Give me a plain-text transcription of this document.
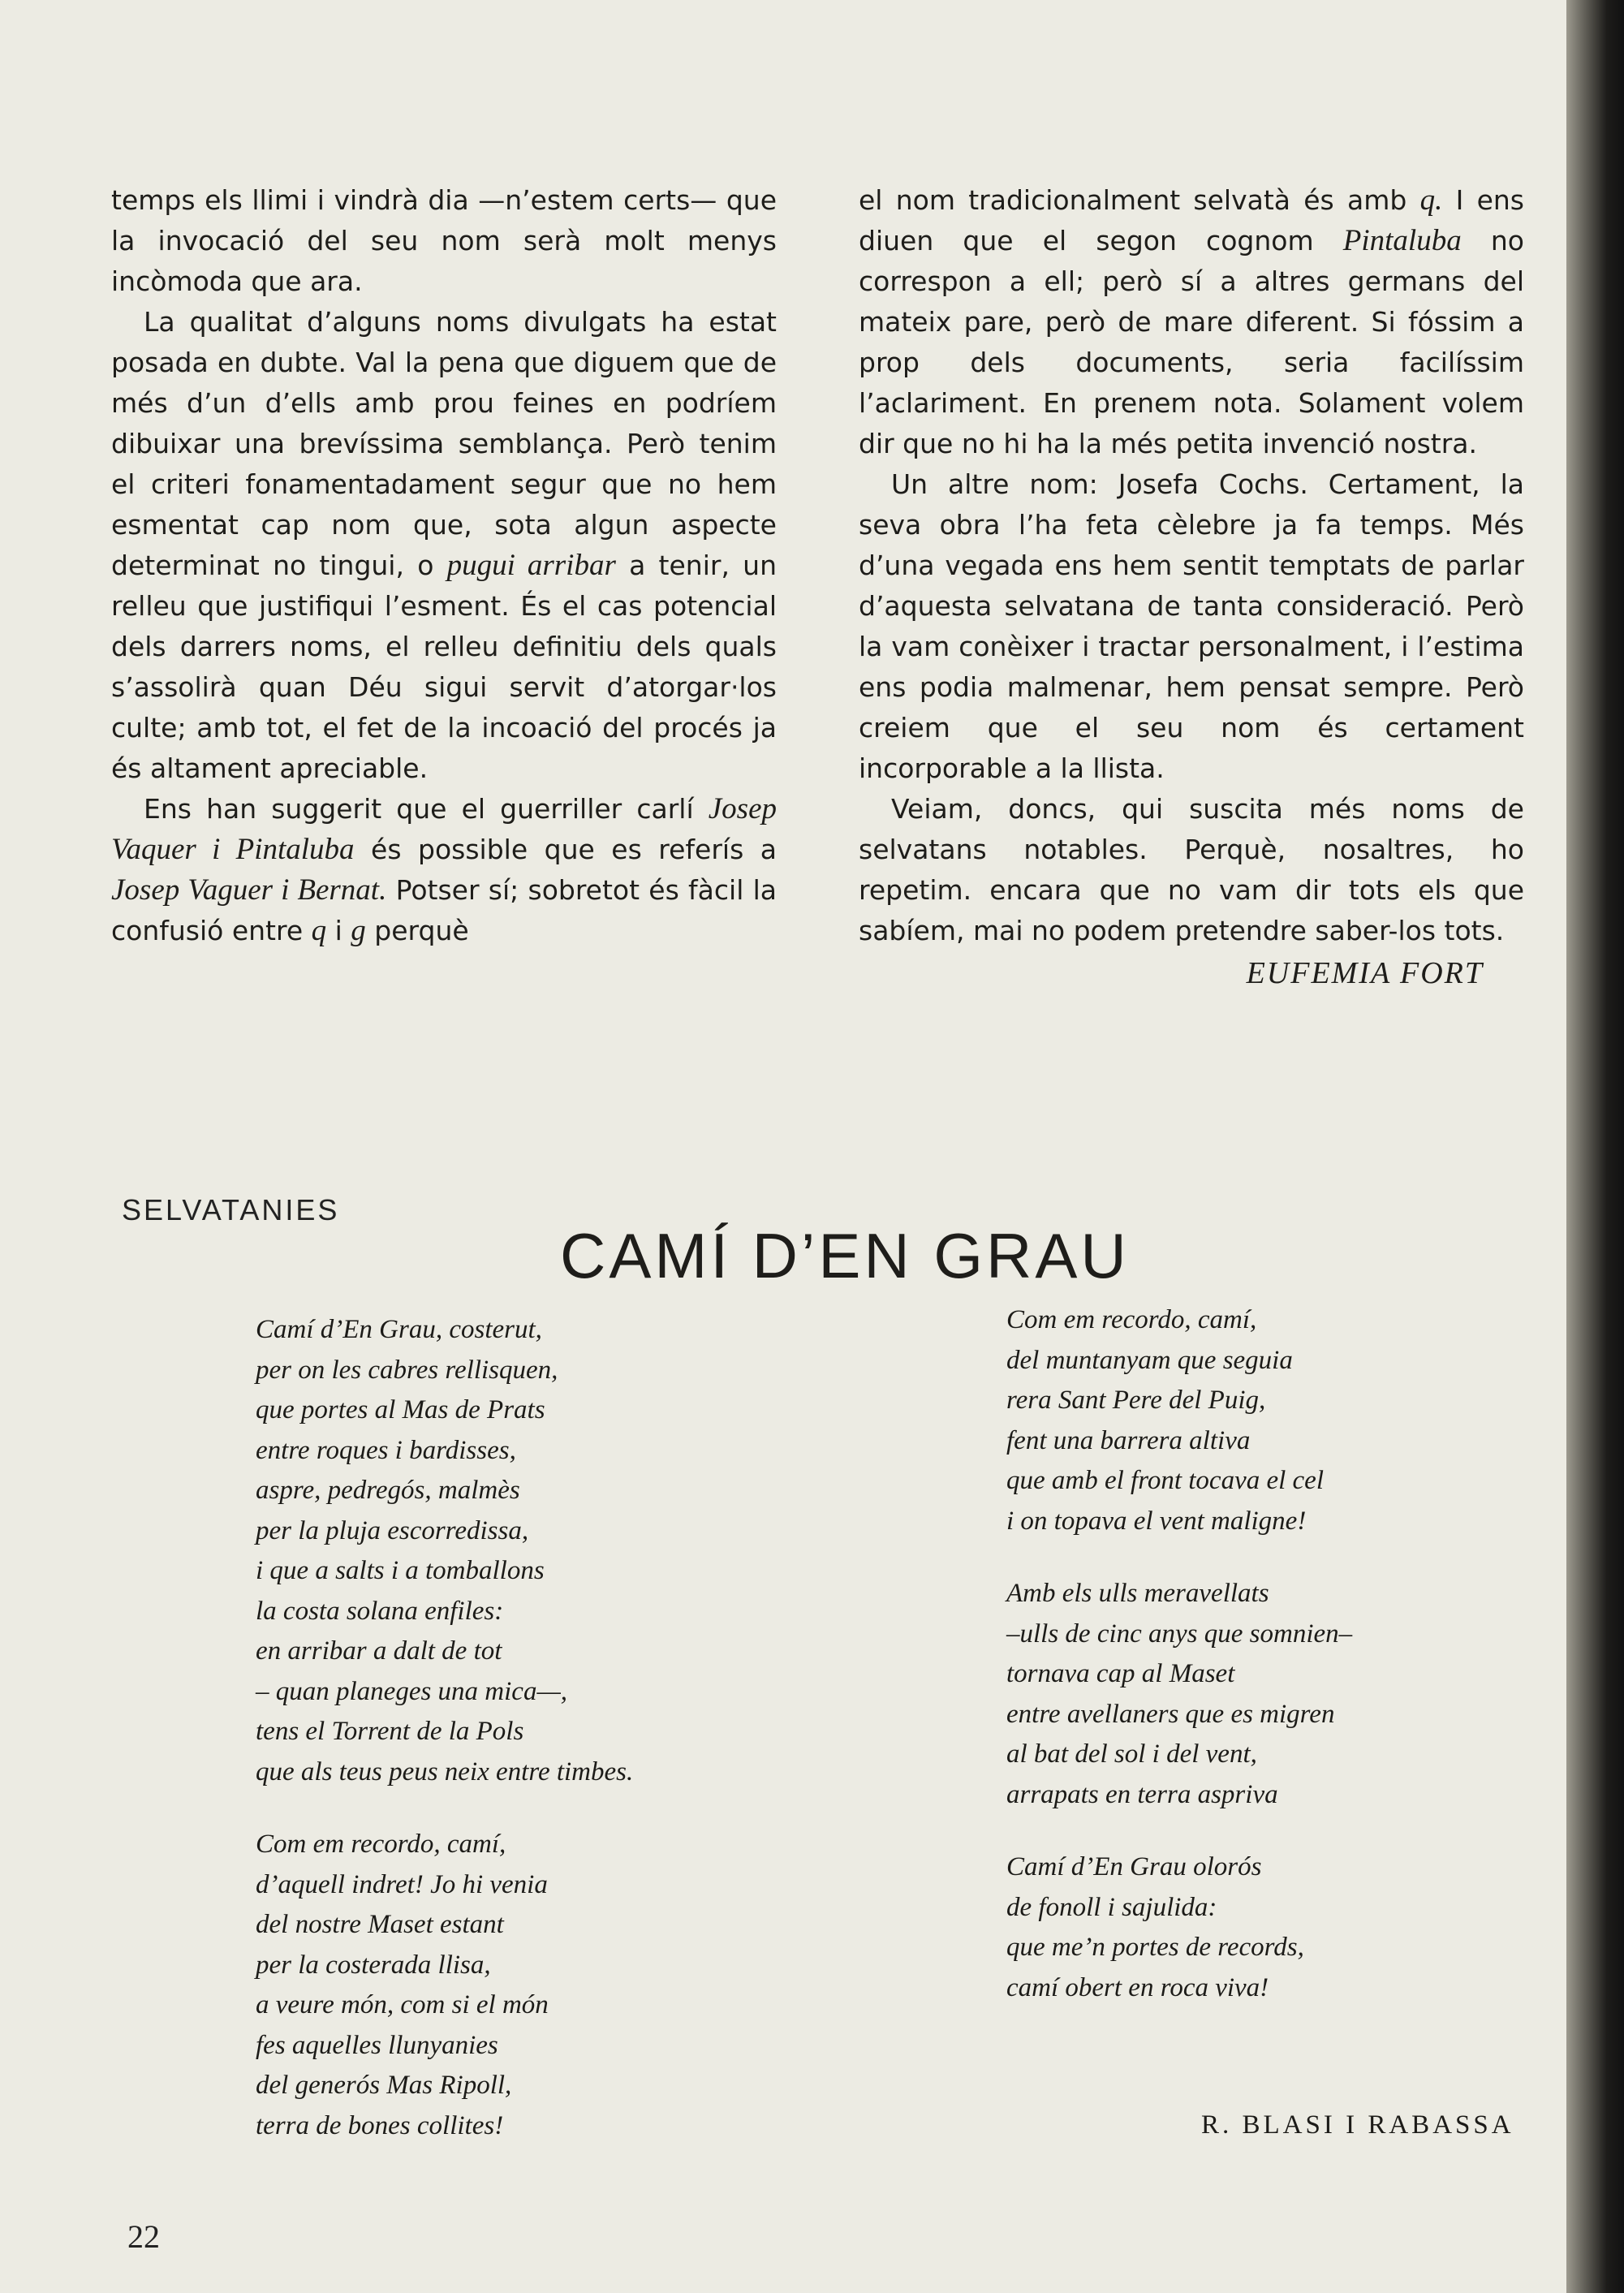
temps els llimi i vindrà dia —n’estem certs— que la invocació del seu nom serà molt menys incòmoda que ara.

La qualitat d’alguns noms divulgats ha estat posada en dubte. Val la pena que diguem que de més d’un d’ells amb prou feines en podríem dibuixar una brevíssima semblança. Però tenim el criteri fonamentadament segur que no hem esmentat cap nom que, sota algun aspecte determinat no tingui, o pugui arribar a tenir, un relleu que justifiqui l’esment. És el cas potencial dels darrers noms, el relleu definitiu dels quals s’assolirà quan Déu sigui servit d’atorgar·los culte; amb tot, el fet de la incoació del procés ja és altament apreciable.

Ens han suggerit que el guerriller carlí Josep Vaquer i Pintaluba és possible que es referís a Josep Vaguer i Bernat. Potser sí; sobretot és fàcil la confusió entre q i g perquè

el nom tradicionalment selvatà és amb q. I ens diuen que el segon cognom Pintaluba no correspon a ell; però sí a altres germans del mateix pare, però de mare diferent. Si fóssim a prop dels documents, seria facilíssim l’aclariment. En prenem nota. Solament volem dir que no hi ha la més petita invenció nostra.

Un altre nom: Josefa Cochs. Certament, la seva obra l’ha feta cèlebre ja fa temps. Més d’una vegada ens hem sentit temptats de parlar d’aquesta selvatana de tanta consideració. Però la vam conèixer i tractar personalment, i l’estima ens podia malmenar, hem pensat sempre. Però creiem que el seu nom és certament incorporable a la llista.

Veiam, doncs, qui suscita més noms de selvatans notables. Perquè, nosaltres, ho repetim. encara que no vam dir tots els que sabíem, mai no podem pretendre saber-los tots.

EUFEMIA FORT
SELVATANIES
CAMÍ D’EN GRAU
Camí d’En Grau, costerut,
per on les cabres rellisquen,
que portes al Mas de Prats
entre roques i bardisses,
aspre, pedregós, malmès
per la pluja escorredissa,
i que a salts i a tomballons
la costa solana enfiles:
en arribar a dalt de tot
– quan planeges una mica—,
tens el Torrent de la Pols
que als teus peus neix entre timbes.
Com em recordo, camí,
d’aquell indret! Jo hi venia
del nostre Maset estant
per la costerada llisa,
a veure món, com si el món
fes aquelles llunyanies
del generós Mas Ripoll,
terra de bones collites!
Com em recordo, camí,
del muntanyam que seguia
rera Sant Pere del Puig,
fent una barrera altiva
que amb el front tocava el cel
i on topava el vent maligne!
Amb els ulls meravellats
–ulls de cinc anys que somnien–
tornava cap al Maset
entre avellaners que es migren
al bat del sol i del vent,
arrapats en terra aspriva
Camí d’En Grau olorós
de fonoll i sajulida:
que me’n portes de records,
camí obert en roca viva!
R. BLASI I RABASSA
22
